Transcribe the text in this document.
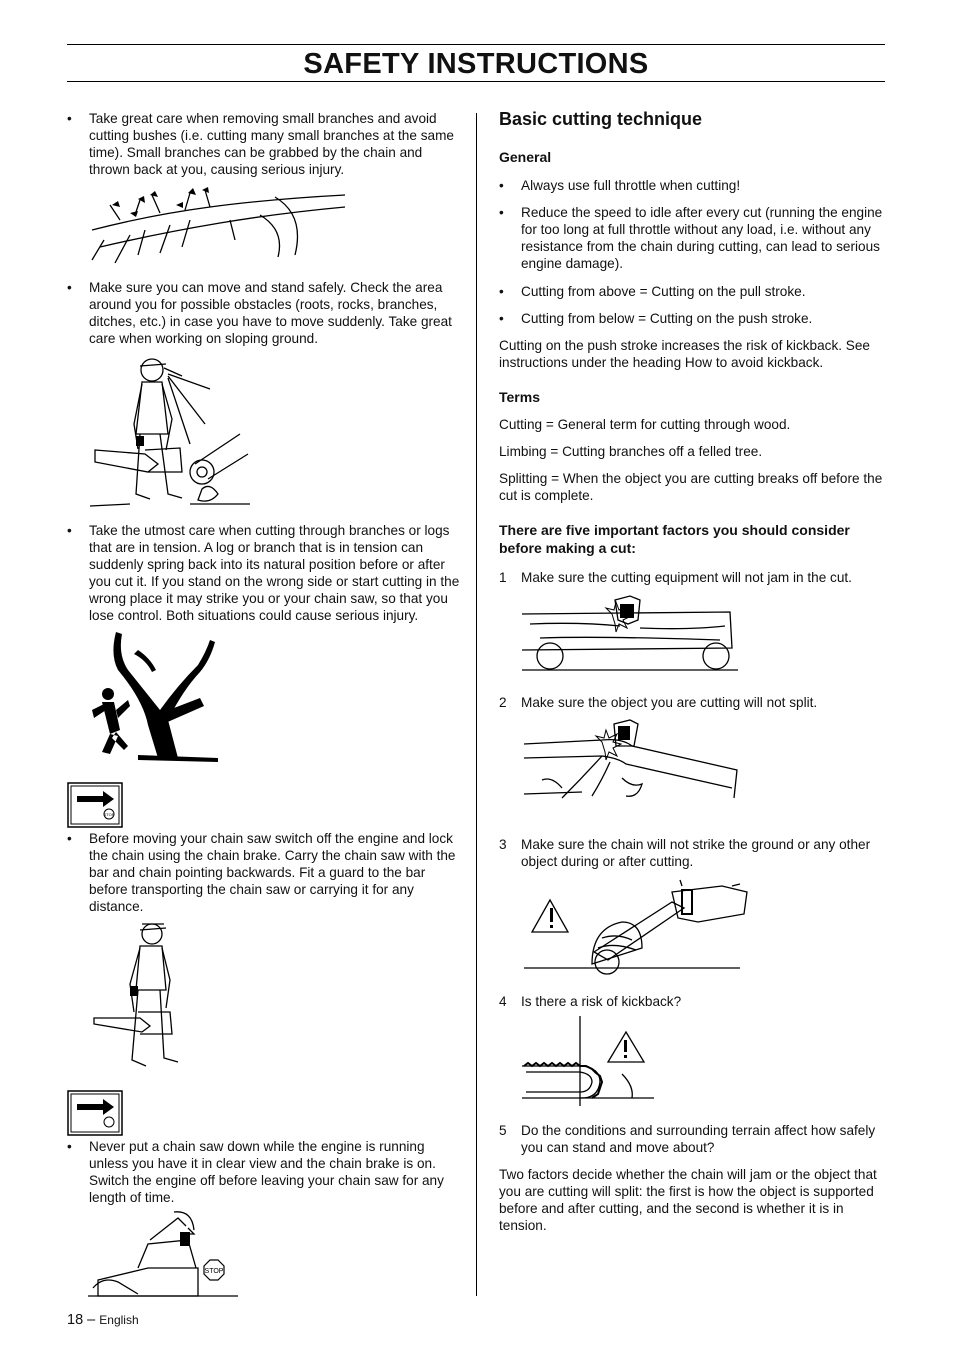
SAFETY INSTRUCTIONS
• Take great care when removing small branches and avoid cutting bushes (i.e. cutting many small branches at the same time). Small branches can be grabbed by the chain and thrown back at you, causing serious injury.
• Make sure you can move and stand safely. Check the area around you for possible obstacles (roots, rocks, branches, ditches, etc.) in case you have to move suddenly. Take great care when working on sloping ground.
• Take the utmost care when cutting through branches or logs that are in tension. A log or branch that is in tension can suddenly spring back into its natural position before or after you cut it. If you stand on the wrong side or start cutting in the wrong place it may strike you or your chain saw, so that you lose control. Both situations could cause serious injury.
STOP
• Before moving your chain saw switch off the engine and lock the chain using the chain brake. Carry the chain saw with the bar and chain pointing backwards. Fit a guard to the bar before transporting the chain saw or carrying it for any distance.
• Never put a chain saw down while the engine is running unless you have it in clear view and the chain brake is on. Switch the engine off before leaving your chain saw for any length of time.
STOP
Basic cutting technique
General
• Always use full throttle when cutting!
• Reduce the speed to idle after every cut (running the engine for too long at full throttle without any load, i.e. without any resistance from the chain during cutting, can lead to serious engine damage).
• Cutting from above = Cutting on the pull stroke.
• Cutting from below = Cutting on the push stroke.

Cutting on the push stroke increases the risk of kickback. See instructions under the heading How to avoid kickback.

Terms

Cutting = General term for cutting through wood.

Limbing = Cutting branches off a felled tree.

Splitting = When the object you are cutting breaks off before the cut is complete.

There are five important factors you should consider before making a cut:
1 Make sure the cutting equipment will not jam in the cut.
2 Make sure the object you are cutting will not split.
3 Make sure the chain will not strike the ground or any other object during or after cutting.
4 Is there a risk of kickback?
5 Do the conditions and surrounding terrain affect how safely you can stand and move about?

Two factors decide whether the chain will jam or the object that you are cutting will split: the first is how the object is supported before and after cutting, and the second is whether it is in tension.

18 – English
